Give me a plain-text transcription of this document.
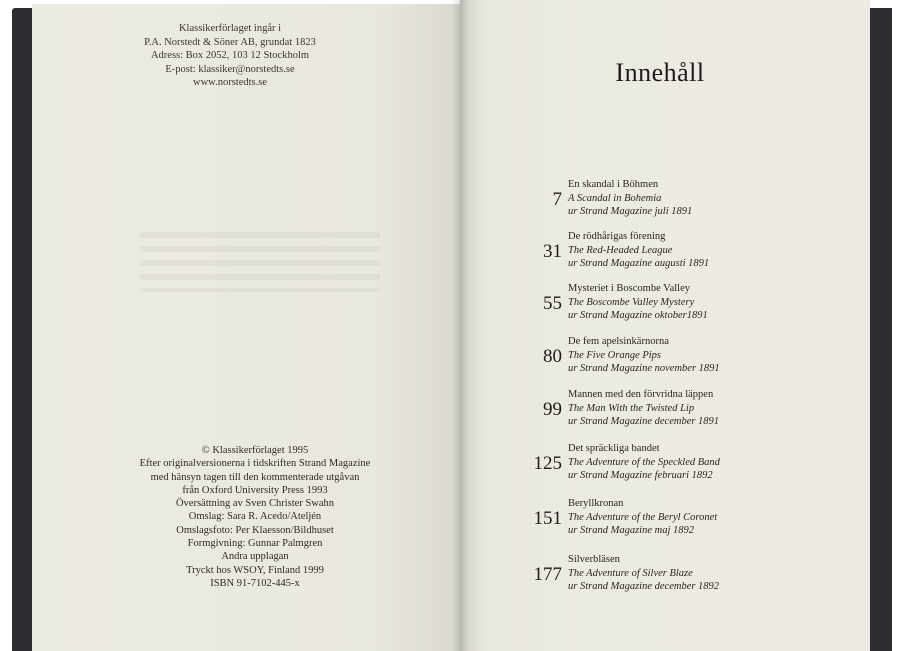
Klassikerförlaget ingår i
P.A. Norstedt & Söner AB, grundat 1823
Adress: Box 2052, 103 12 Stockholm
E-post: klassiker@norstedts.se
www.norstedts.se
© Klassikerförlaget 1995
Efter originalversionerna i tidskriften Strand Magazine
med hänsyn tagen till den kommenterade utgåvan
från Oxford University Press 1993
Översättning av Sven Christer Swahn
Omslag: Sara R. Acedo/Ateljén
Omslagsfoto: Per Klaesson/Bildhuset
Formgivning: Gunnar Palmgren
Andra upplagan
Tryckt hos WSOY, Finland 1999
ISBN 91-7102-445-x
Innehåll
7
En skandal i Böhmen
A Scandal in Bohemia
ur Strand Magazine juli 1891
31
De rödhårigas förening
The Red-Headed League
ur Strand Magazine augusti 1891
55
Mysteriet i Boscombe Valley
The Boscombe Valley Mystery
ur Strand Magazine oktober1891
80
De fem apelsinkärnorna
The Five Orange Pips
ur Strand Magazine november 1891
99
Mannen med den förvridna läppen
The Man With the Twisted Lip
ur Strand Magazine december 1891
125
Det spräckliga bandet
The Adventure of the Speckled Band
ur Strand Magazine februari 1892
151
Beryllkronan
The Adventure of the Beryl Coronet
ur Strand Magazine maj 1892
177
Silverbläsen
The Adventure of Silver Blaze
ur Strand Magazine december 1892
